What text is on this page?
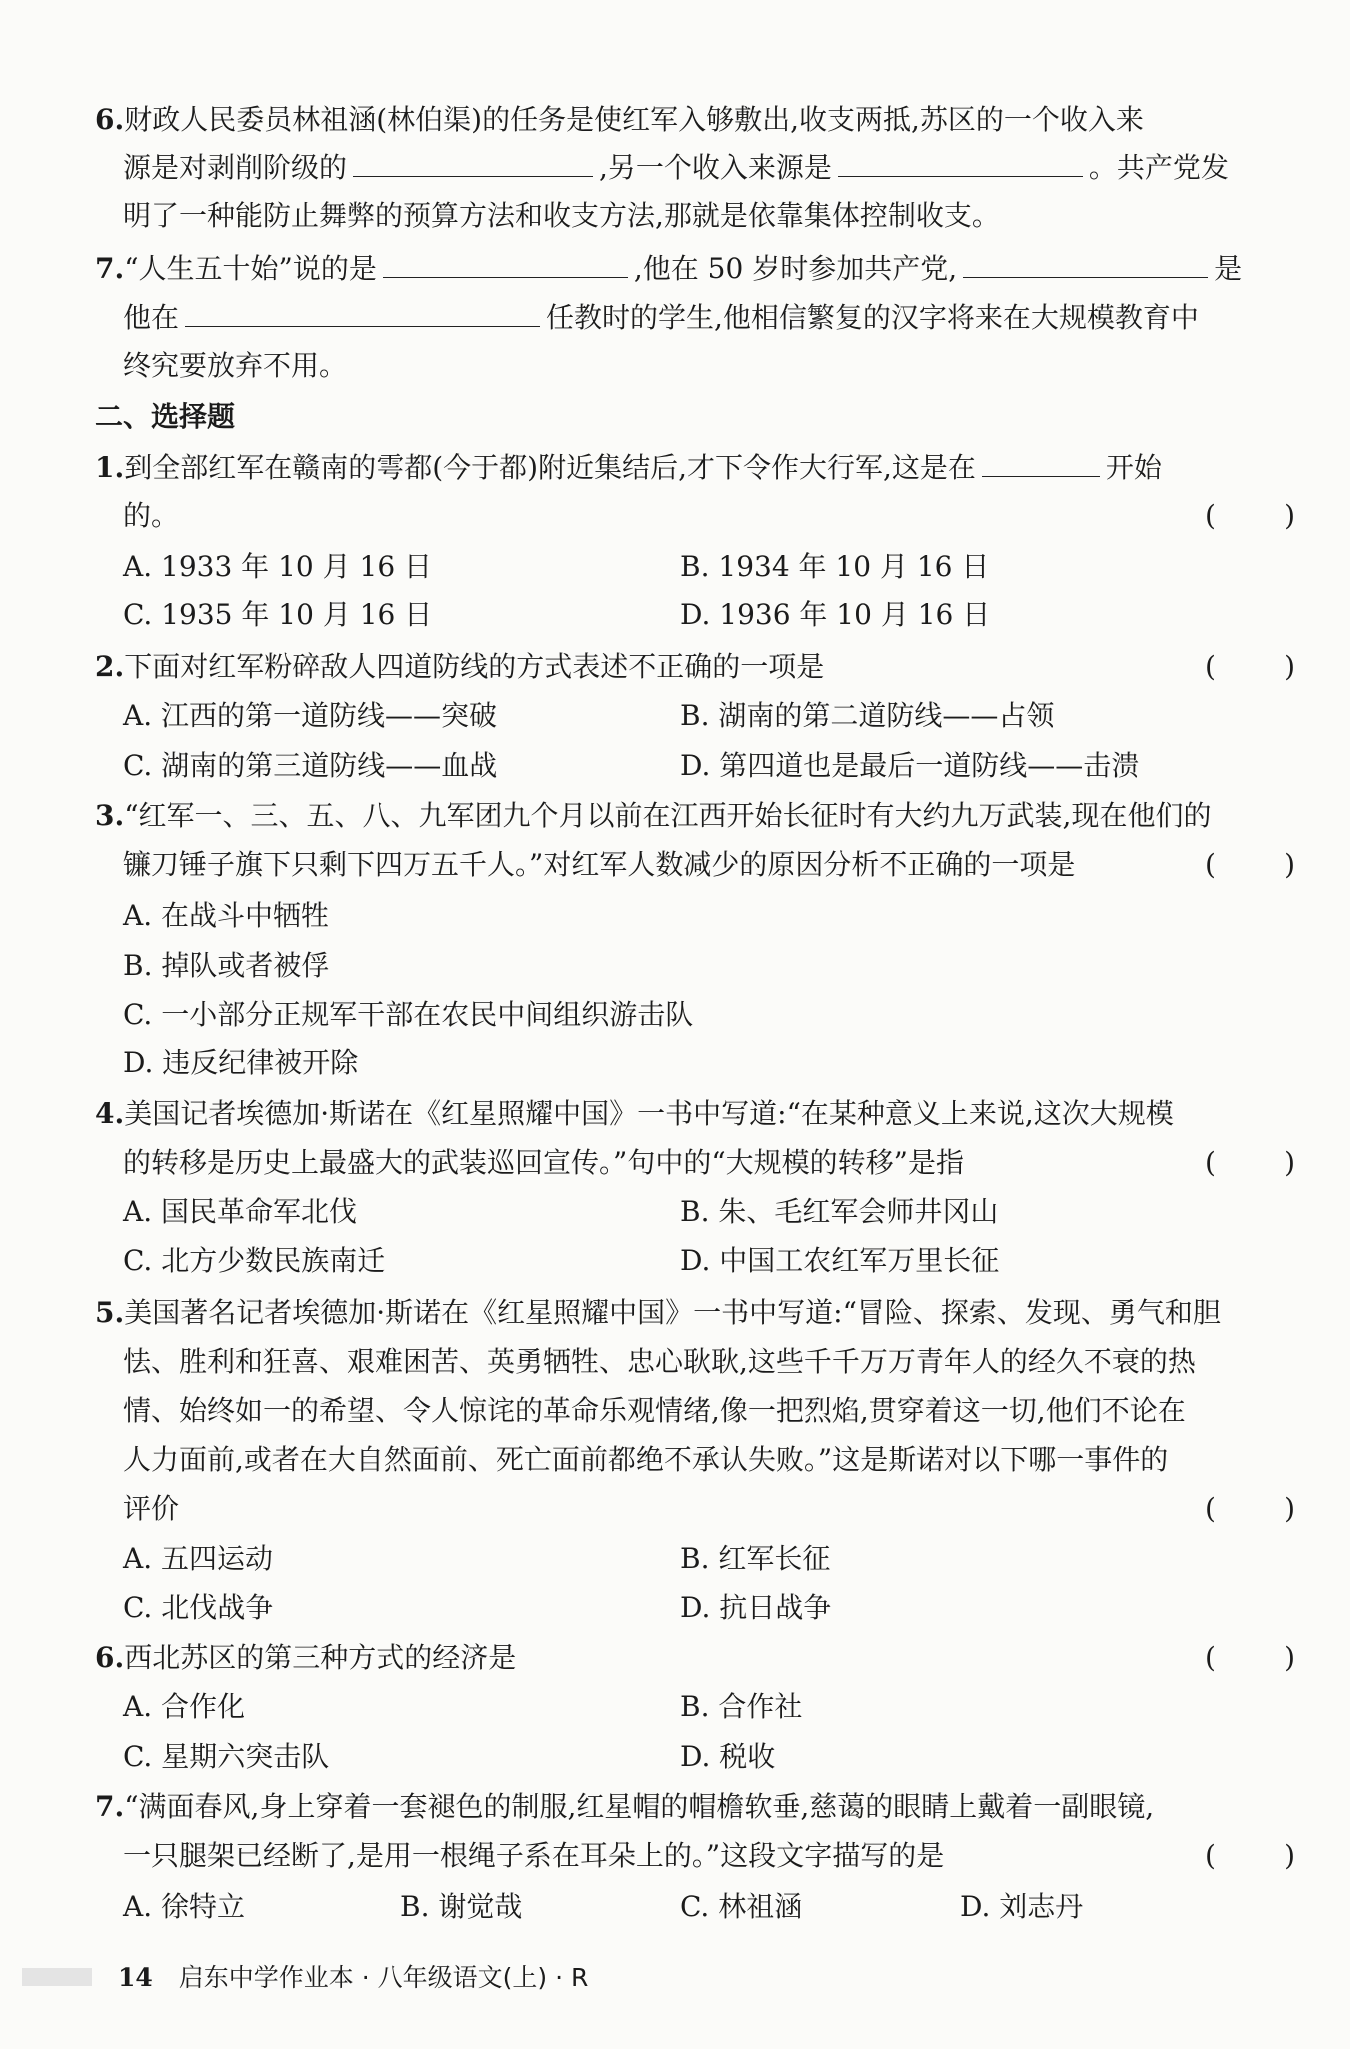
6.财政人民委员林祖涵(林伯渠)的任务是使红军入够敷出,收支两抵,苏区的一个收入来
源是对剥削阶级的	,另一个收入来源是	。共产党发
明了一种能防止舞弊的预算方法和收支方法,那就是依靠集体控制收支。
7.“人生五十始”说的是	,他在 50 岁时参加共产党,	是
他在	任教时的学生,他相信繁复的汉字将来在大规模教育中
终究要放弃不用。
二、选择题
1.到全部红军在赣南的雩都(今于都)附近集结后,才下令作大行军,这是在	开始
的。	( )
A. 1933 年 10 月 16 日	B. 1934 年 10 月 16 日
C. 1935 年 10 月 16 日	D. 1936 年 10 月 16 日
2.下面对红军粉碎敌人四道防线的方式表述不正确的一项是	( )
A. 江西的第一道防线——突破	B. 湖南的第二道防线——占领
C. 湖南的第三道防线——血战	D. 第四道也是最后一道防线——击溃
3.“红军一、三、五、八、九军团九个月以前在江西开始长征时有大约九万武装,现在他们的
镰刀锤子旗下只剩下四万五千人。”对红军人数减少的原因分析不正确的一项是	( )
A. 在战斗中牺牲
B. 掉队或者被俘
C. 一小部分正规军干部在农民中间组织游击队
D. 违反纪律被开除
4.美国记者埃德加·斯诺在《红星照耀中国》一书中写道:“在某种意义上来说,这次大规模
的转移是历史上最盛大的武装巡回宣传。”句中的“大规模的转移”是指	( )
A. 国民革命军北伐	B. 朱、毛红军会师井冈山
C. 北方少数民族南迁	D. 中国工农红军万里长征
5.美国著名记者埃德加·斯诺在《红星照耀中国》一书中写道:“冒险、探索、发现、勇气和胆
怯、胜利和狂喜、艰难困苦、英勇牺牲、忠心耿耿,这些千千万万青年人的经久不衰的热
情、始终如一的希望、令人惊诧的革命乐观情绪,像一把烈焰,贯穿着这一切,他们不论在
人力面前,或者在大自然面前、死亡面前都绝不承认失败。”这是斯诺对以下哪一事件的
评价	( )
A. 五四运动	B. 红军长征
C. 北伐战争	D. 抗日战争
6.西北苏区的第三种方式的经济是	( )
A. 合作化	B. 合作社
C. 星期六突击队	D. 税收
7.“满面春风,身上穿着一套褪色的制服,红星帽的帽檐软垂,慈蔼的眼睛上戴着一副眼镜,
一只腿架已经断了,是用一根绳子系在耳朵上的。”这段文字描写的是	( )
A. 徐特立	B. 谢觉哉	C. 林祖涵	D. 刘志丹
14 启东中学作业本 · 八年级语文(上) · R
